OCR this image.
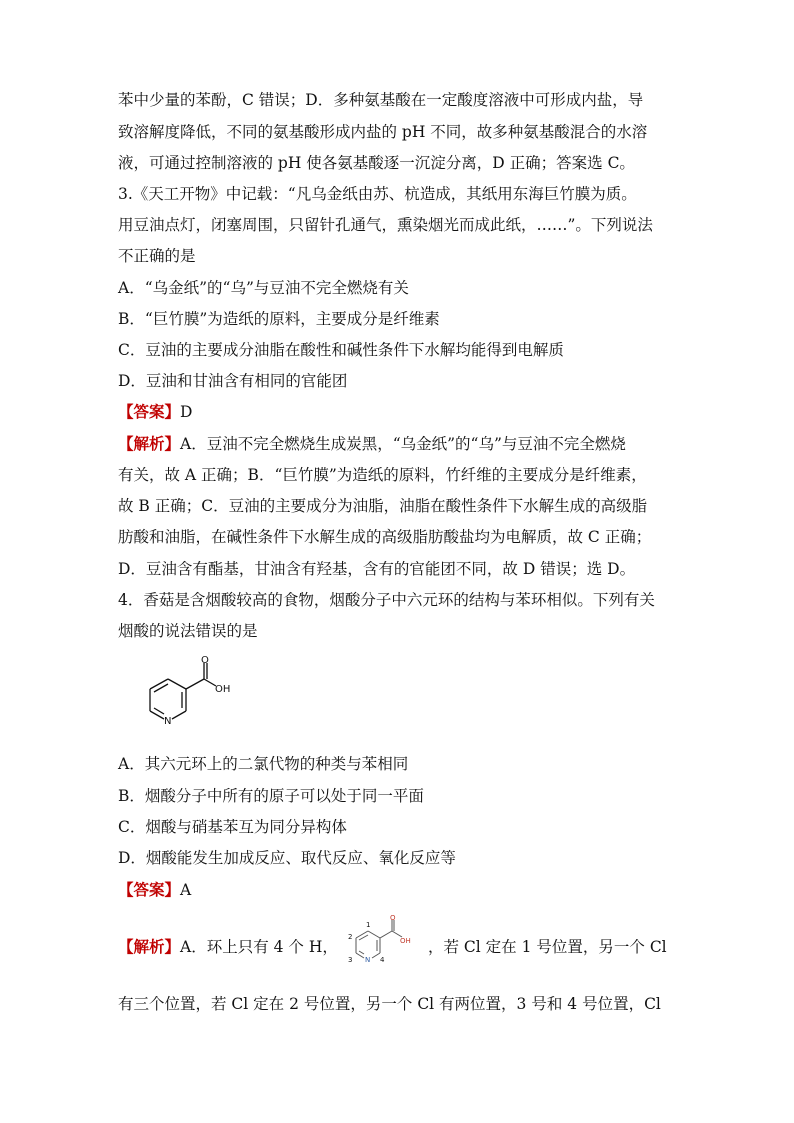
苯中少量的苯酚，C 错误；D．多种氨基酸在一定酸度溶液中可形成内盐，导
致溶解度降低，不同的氨基酸形成内盐的 pH 不同，故多种氨基酸混合的水溶
液，可通过控制溶液的 pH 使各氨基酸逐一沉淀分离，D 正确；答案选 C。
3.《天工开物》中记载：“凡乌金纸由苏、杭造成，其纸用东海巨竹膜为质。
用豆油点灯，闭塞周围，只留针孔通气，熏染烟光而成此纸，……”。下列说法
不正确的是
A．“乌金纸”的“乌”与豆油不完全燃烧有关
B．“巨竹膜”为造纸的原料，主要成分是纤维素
C．豆油的主要成分油脂在酸性和碱性条件下水解均能得到电解质
D．豆油和甘油含有相同的官能团
【答案】D
【解析】A．豆油不完全燃烧生成炭黑，“乌金纸”的“乌”与豆油不完全燃烧
有关，故 A 正确；B．“巨竹膜”为造纸的原料，竹纤维的主要成分是纤维素，
故 B 正确；C．豆油的主要成分为油脂，油脂在酸性条件下水解生成的高级脂
肪酸和油脂，在碱性条件下水解生成的高级脂肪酸盐均为电解质，故 C 正确；
D．豆油含有酯基，甘油含有羟基，含有的官能团不同，故 D 错误；选 D。
4．香菇是含烟酸较高的食物，烟酸分子中六元环的结构与苯环相似。下列有关
烟酸的说法错误的是
O
OH
N
A．其六元环上的二氯代物的种类与苯相同
B．烟酸分子中所有的原子可以处于同一平面
C．烟酸与硝基苯互为同分异构体
D．烟酸能发生加成反应、取代反应、氧化反应等
【答案】A
【解析】A．环上只有 4 个 H，
O
OH
N
1
2
3	4
，若 Cl 定在 1 号位置，另一个 Cl
有三个位置，若 Cl 定在 2 号位置，另一个 Cl 有两位置，3 号和 4 号位置，Cl
